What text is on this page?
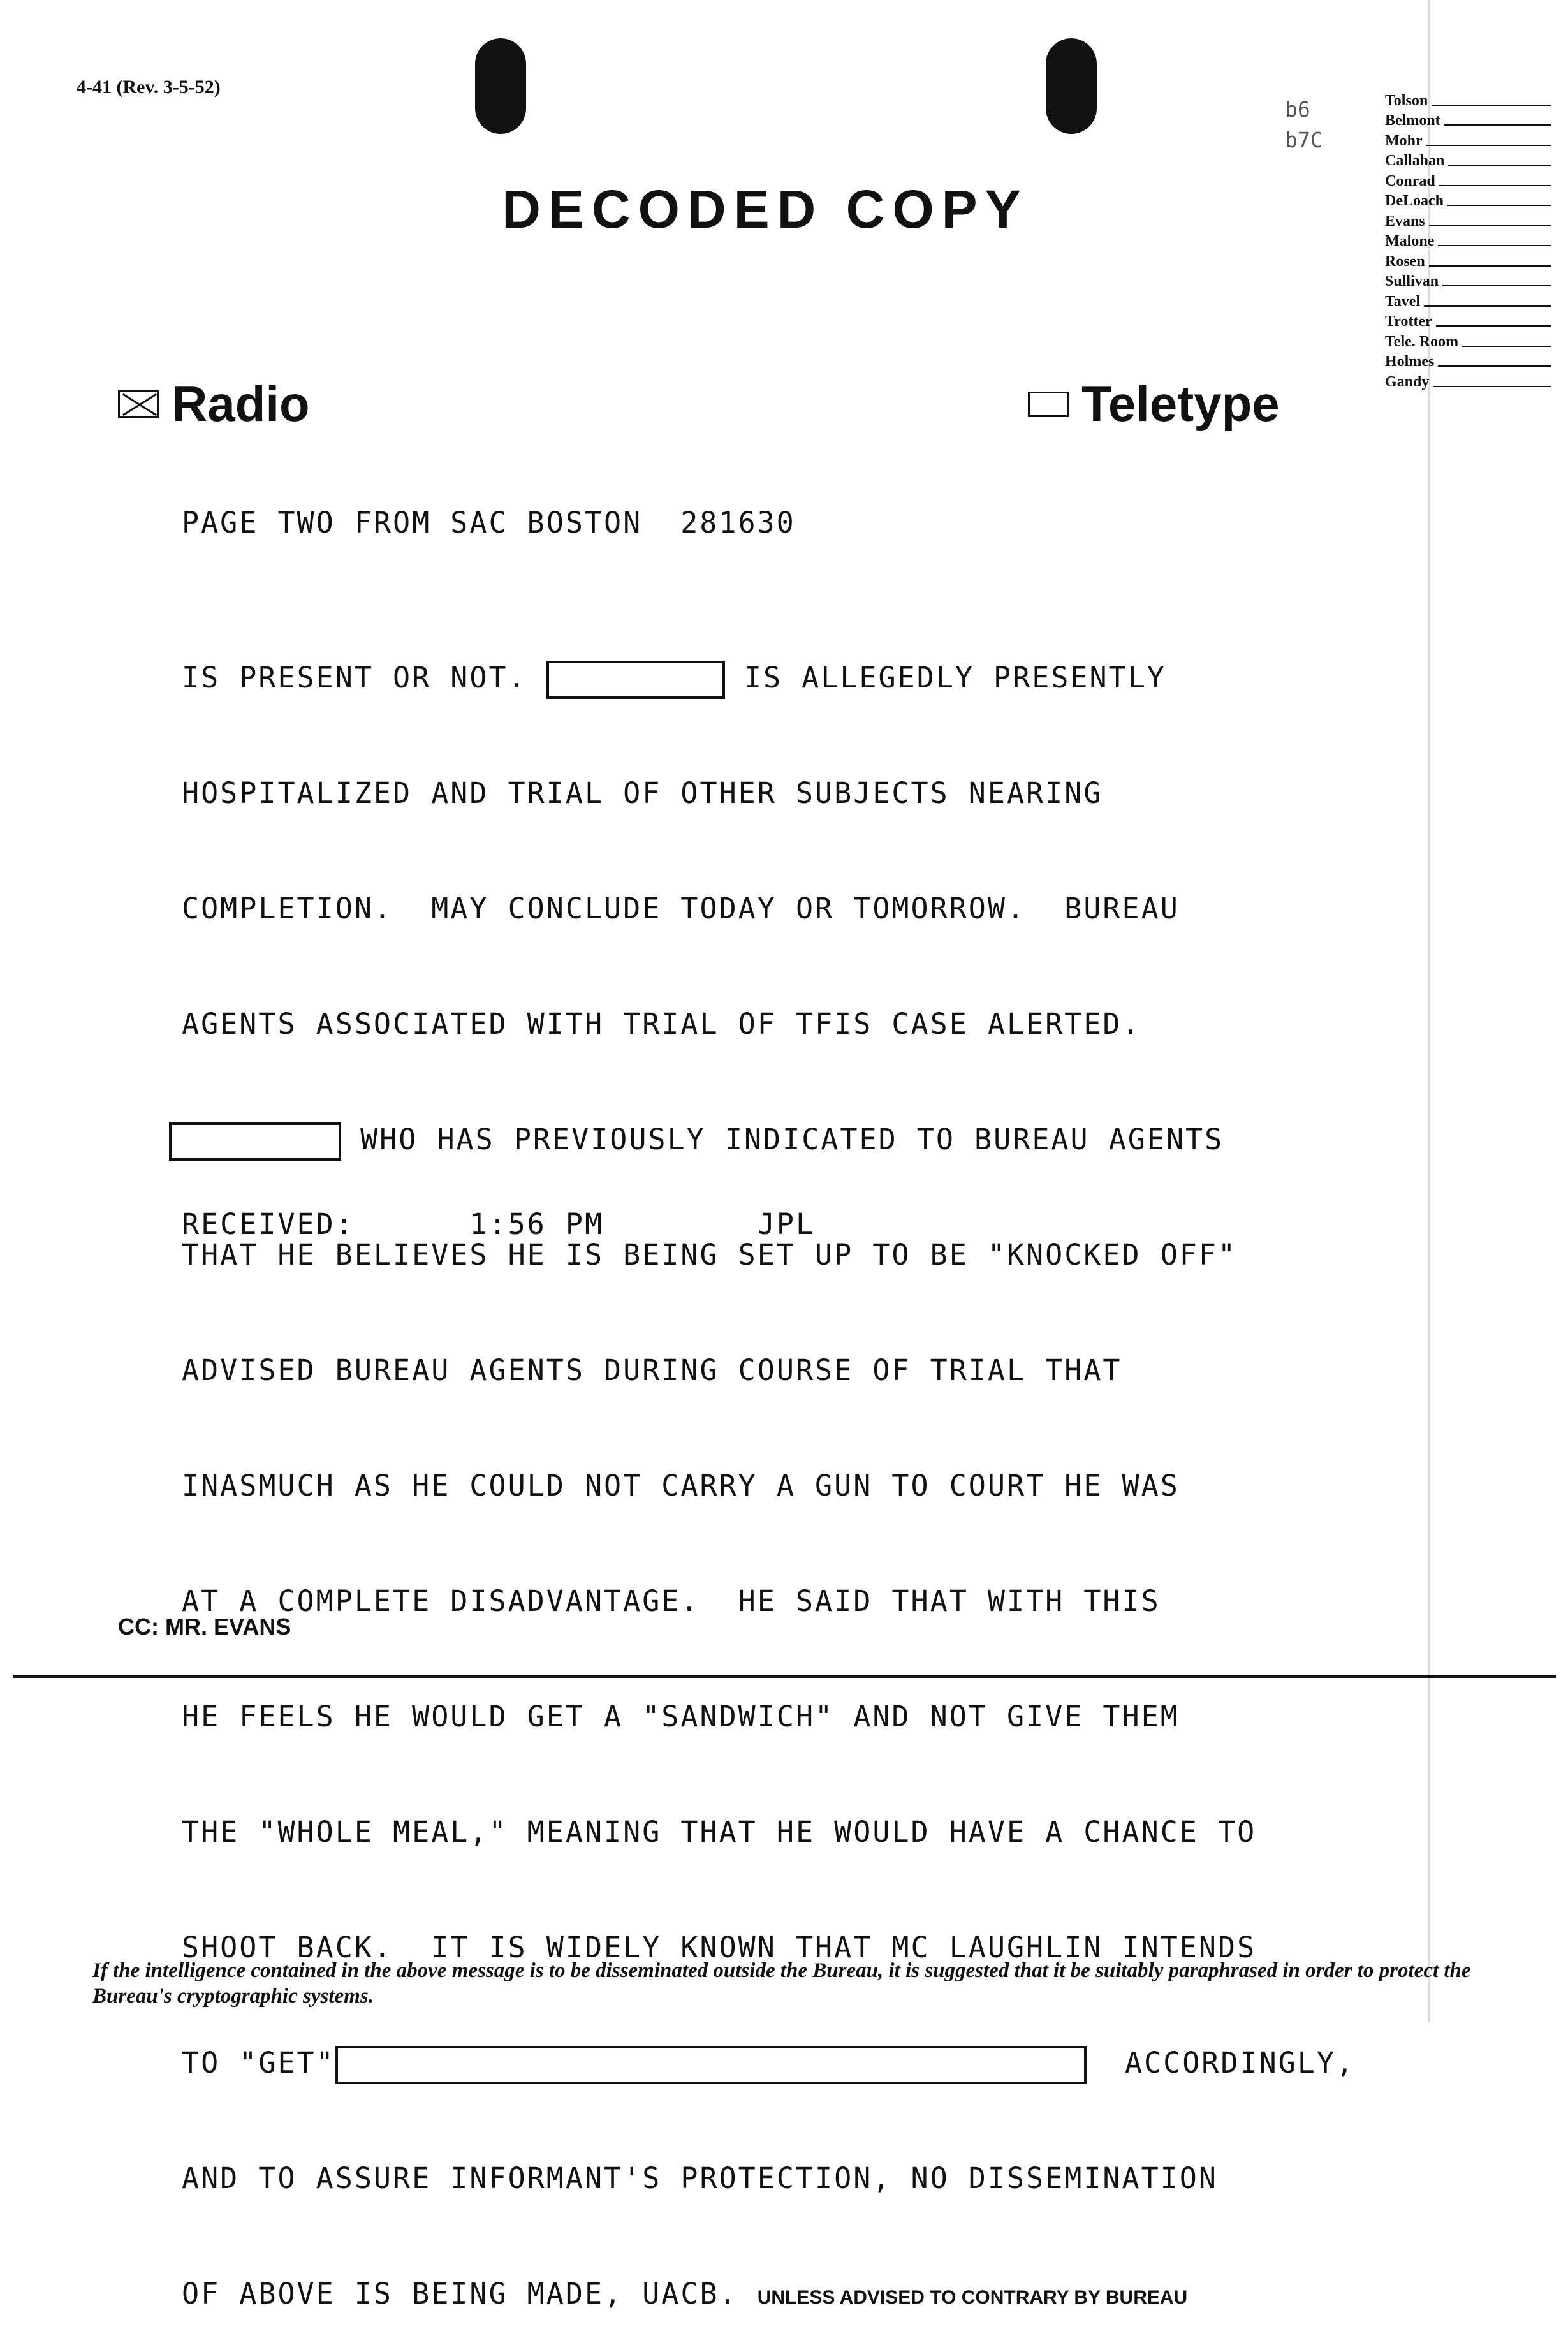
4-41 (Rev. 3-5-52)
b6
b7C
Tolson
Belmont
Mohr
Callahan
Conrad
DeLoach
Evans
Malone
Rosen
Sullivan
Tavel
Trotter
Tele. Room
Holmes
Gandy
DECODED COPY
Radio	Teletype
PAGE TWO FROM SAC BOSTON 281630

IS PRESENT OR NOT.	IS ALLEGEDLY PRESENTLY

HOSPITALIZED AND TRIAL OF OTHER SUBJECTS NEARING

COMPLETION.  MAY CONCLUDE TODAY OR TOMORROW.  BUREAU

AGENTS ASSOCIATED WITH TRIAL OF TFIS CASE ALERTED.

WHO HAS PREVIOUSLY INDICATED TO BUREAU AGENTS

THAT HE BELIEVES HE IS BEING SET UP TO BE "KNOCKED OFF"

ADVISED BUREAU AGENTS DURING COURSE OF TRIAL THAT

INASMUCH AS HE COULD NOT CARRY A GUN TO COURT HE WAS

AT A COMPLETE DISADVANTAGE.  HE SAID THAT WITH THIS

HE FEELS HE WOULD GET A "SANDWICH" AND NOT GIVE THEM

THE "WHOLE MEAL," MEANING THAT HE WOULD HAVE A CHANCE TO

SHOOT BACK.  IT IS WIDELY KNOWN THAT MC LAUGHLIN INTENDS

TO "GET"	ACCORDINGLY,

AND TO ASSURE INFORMANT'S PROTECTION, NO DISSEMINATION

OF ABOVE IS BEING MADE, UACB. UNLESS ADVISED TO CONTRARY BY BUREAU

RECEIVED:	1:56 PM	JPL
CC: MR. EVANS
If the intelligence contained in the above message is to be disseminated outside the Bureau, it is suggested that it be suitably paraphrased in order to protect the Bureau's cryptographic systems.
